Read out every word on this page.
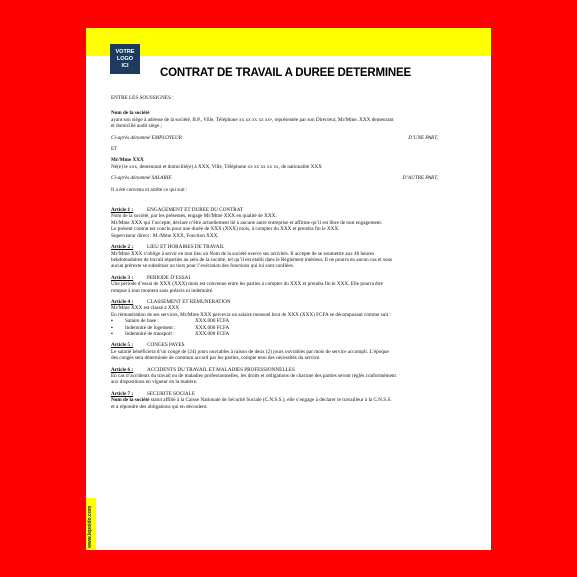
www.lepoido.com
VOTRE
LOGO
ICI
CONTRAT DE TRAVAIL A DUREE DETERMINEE

ENTRE LES SOUSSIGNES :

Nom de la société

ayant son siège à adresse de la société, B.P., Ville, Téléphone xx xx xx xx xx•, représentée par son Directeur, Mr/Mme. XXX demeurant

et domicilié audit siège ;

Ci-après dénommé EMPLOYEUR	D’UNE PART,

ET

Mr/Mme XXX

Né(e) le xxx, demeurant et domicilié(e) à XXX, Ville, Téléphone xx xx xx xx xx, de nationalité XXX

Ci-après dénommé SALARIE	D’AUTRE PART,

Il a été convenu et arrêté ce qui suit :

Article 1 :	ENGAGEMENT ET DUREE DU CONTRAT

Nom de la société, par les présentes, engage Mr/Mme XXX en qualité de XXX.

Mr/Mme XXX qui l’accepte, déclare n’être actuellement lié à aucune autre entreprise et affirme qu’il est libre de tout engagement.

Le présent contrat est conclu pour une durée de XXX (XXX) mois, à compter du XXX et prendra fin le XXX.

Superviseur direct : M./Mme XXX, Fonction XXX.

Article 2 :	LIEU ET HORAIRES DE TRAVAIL

Mr/Mme XXX s’oblige à servir en tout lieu où Nom de la société exerce ses activités. Il accepte de se soumettre aux 40 heures

hebdomadaires de travail réparties au sein de la société, tel qu’il est établi dans le Règlement intérieur. Il ne pourra en aucun cas et sous

aucun prétexte se substituer un tiers pour l’exécution des fonctions qui lui sont confiées.

Article 3 :	PERIODE D’ESSAI

Une période d’essai de XXX (XXX) mois est convenue entre les parties à compter du XXX et prendra fin le XXX. Elle pourra être

rompue à tout moment sans préavis ni indemnité.

Article 4 :	CLASSEMENT ET REMUNERATION

Mr/Mme XXX est classé à XXX

En rémunération de ses services, Mr/Mme XXX percevra un salaire mensuel brut de XXX (XXX) FCFA se décomposant comme suit :

▪ Salaire de base :	XXX.000 FCFA
▪ Indemnité de logement :	XXX.000 FCFA
▪ Indemnité de transport :	XXX.000 FCFA
Article 5 :	CONGES PAYES

Le salarié bénéficiera d’un congé de (24) jours ouvrables à raison de deux (2) jours ouvrables par mois de service accompli. L’époque

des congés sera déterminée de commun accord par les parties, compte tenu des nécessités du service.

Article 6 :	ACCIDENTS DU TRAVAIL ET MALADIES PROFESSIONNELLES

En cas d’accidents du travail ou de maladies professionnelles, les droits et obligations de chacune des parties seront réglés conformément

aux dispositions en vigueur en la matière.

Article 7 :	SECURITE SOCIALE

Nom de la société statut affilié à la Caisse Nationale de Sécurité Sociale (C.N.S.S.), elle s’engage à déclarer le travailleur à la C.N.S.S.

et à répondre des obligations qui en découlent.
